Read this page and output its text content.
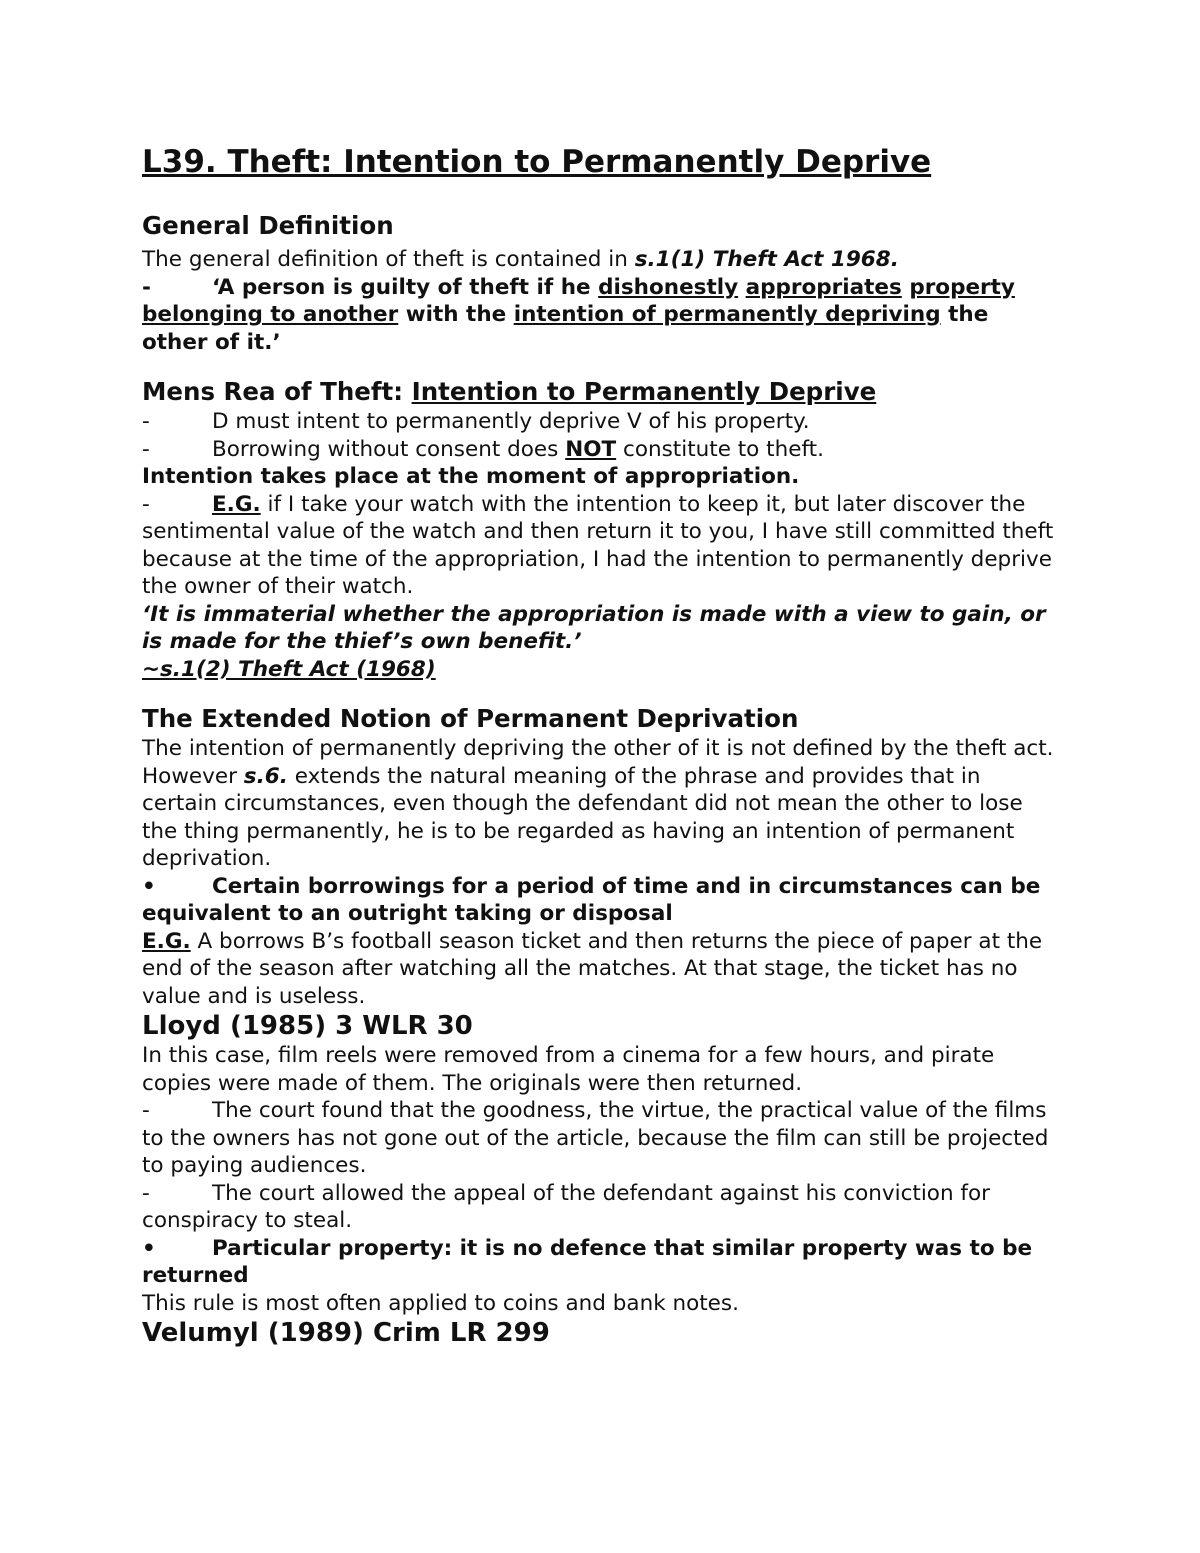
L39. Theft: Intention to Permanently Deprive
General Definition

The general definition of theft is contained in s.1(1) Theft Act 1968.

-	‘A person is guilty of theft if he dishonestly appropriates property belonging to another with the intention of permanently depriving the other of it.’

Mens Rea of Theft: Intention to Permanently Deprive

-	D must intent to permanently deprive V of his property.

-	Borrowing without consent does NOT constitute to theft.

Intention takes place at the moment of appropriation.

-	E.G. if I take your watch with the intention to keep it, but later discover the sentimental value of the watch and then return it to you, I have still committed theft because at the time of the appropriation, I had the intention to permanently deprive the owner of their watch.

‘It is immaterial whether the appropriation is made with a view to gain, or is made for the thief’s own benefit.’

~s.1(2) Theft Act (1968)

The Extended Notion of Permanent Deprivation

The intention of permanently depriving the other of it is not defined by the theft act.

However s.6. extends the natural meaning of the phrase and provides that in certain circumstances, even though the defendant did not mean the other to lose the thing permanently, he is to be regarded as having an intention of permanent deprivation.

•	Certain borrowings for a period of time and in circumstances can be equivalent to an outright taking or disposal

E.G. A borrows B’s football season ticket and then returns the piece of paper at the end of the season after watching all the matches. At that stage, the ticket has no value and is useless.

Lloyd (1985) 3 WLR 30

In this case, film reels were removed from a cinema for a few hours, and pirate copies were made of them. The originals were then returned.

-	The court found that the goodness, the virtue, the practical value of the films to the owners has not gone out of the article, because the film can still be projected to paying audiences.

-	The court allowed the appeal of the defendant against his conviction for conspiracy to steal.

•	Particular property: it is no defence that similar property was to be returned

This rule is most often applied to coins and bank notes.

Velumyl (1989) Crim LR 299
